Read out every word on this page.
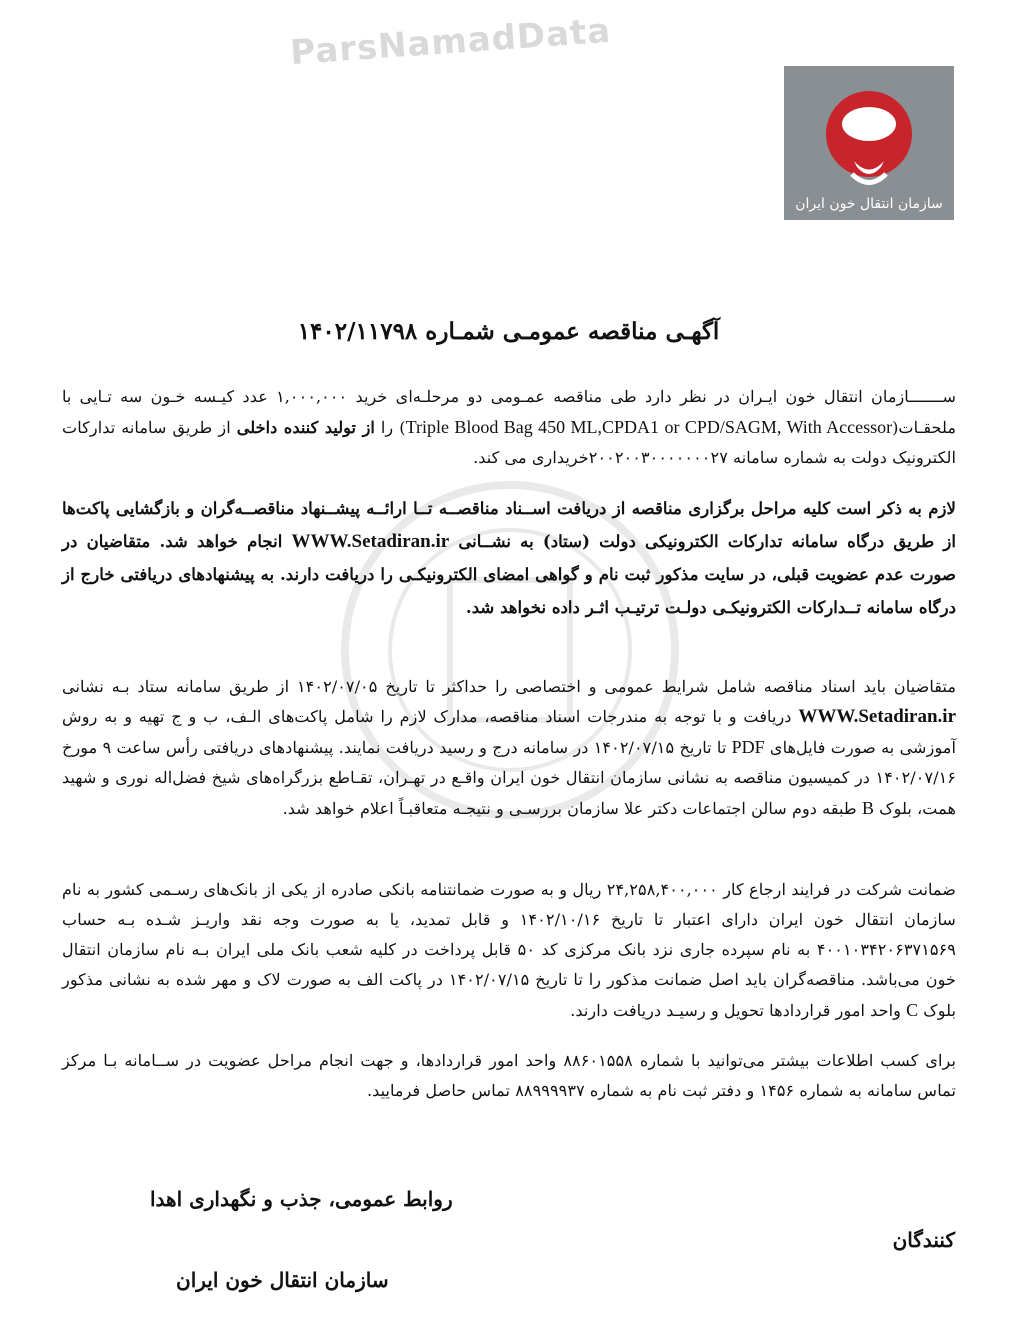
سازمان انتقال خون ایران
ParsNamadData
آگهـی مناقصه عمومـی شمـاره ۱۴۰۲/۱۱۷۹۸
ســـــــازمان انتقال خون ایـران در نظر دارد طی مناقصه عمـومی دو مرحلـه‌ای خرید ۱,۰۰۰,۰۰۰ عدد کیـسه خـون سه تـایی با ملحقـات(Triple Blood Bag 450 ML,CPDA1 or CPD/SAGM, With Accessor) را از تولید کننده داخلی از طریق سامانه تدارکات الکترونیک دولت به شماره سامانه ۲۰۰۲۰۰۳۰۰۰۰۰۰۰۲۷خریداری می کند.
لازم به ذکر است کلیه مراحل برگزاری مناقصه از دریافت اســناد مناقصــه تــا ارائــه پیشــنهاد مناقصــه‌گران و بازگشایی پاکت‌ها از طریق درگاه سامانه تدارکات الکترونیکی دولت (ستاد) به نشــانی WWW.Setadiran.ir انجام خواهد شد. متقاضیان در صورت عدم عضویت قبلی، در سایت مذکور ثبت نام و گواهی امضای الکترونیکـی را دریافت دارند. به پیشنهادهای دریافتی خارج از درگاه سامانه تــدارکات الکترونیکـی دولـت ترتیـب اثـر داده نخواهد شد.
متقاضیان باید اسناد مناقصه شامل شرایط عمومی و اختصاصی را حداکثر تا تاریخ ۱۴۰۲/۰۷/۰۵ از طریق سامانه ستاد بـه نشانی WWW.Setadiran.ir دریافت و با توجه به مندرجات اسناد مناقصه، مدارک لازم را شامل پاکت‌های الـف، ب و ج تهیه و به روش آموزشی به صورت فایل‌های PDF تا تاریخ ۱۴۰۲/۰۷/۱۵ در سامانه درج و رسید دریافت نمایند. پیشنهادهای دریافتی رأس ساعت ۹ مورخ ۱۴۰۲/۰۷/۱۶ در کمیسیون مناقصه به نشانی سازمان انتقال خون ایران واقـع در تهـران، تقـاطع بزرگراه‌های شیخ فضل‌اله نوری و شهید همت، بلوک B طبقه دوم سالن اجتماعات دکتر علا سازمان بررسـی و نتیجـه متعاقبـاً اعلام خواهد شد.
ضمانت شرکت در فرایند ارجاع کار ۲۴,۲۵۸,۴۰۰,۰۰۰ ریال و به صورت ضمانتنامه بانکی صادره از یکی از بانک‌های رسـمی کشور به نام سازمان انتقال خون ایران دارای اعتبار تا تاریخ ۱۴۰۲/۱۰/۱۶ و قابل تمدید، یا به صورت وجه نقد واریـز شـده بـه حساب ۴۰۰۱۰۳۴۲۰۶۳۷۱۵۶۹ به نام سپرده جاری نزد بانک مرکزی کد ۵۰ قابل پرداخت در کلیه شعب بانک ملی ایران بـه نام سازمان انتقال خون می‌باشد. مناقصه‌گران باید اصل ضمانت مذکور را تا تاریخ ۱۴۰۲/۰۷/۱۵ در پاکت الف به صورت لاک و مهر شده به نشانی مذکور بلوک C واحد امور قراردادها تحویل و رسیـد دریافت دارند.
برای کسب اطلاعات بیشتر می‌توانید با شماره ۸۸۶۰۱۵۵۸ واحد امور قراردادها، و جهت انجام مراحل عضویت در ســامانه بـا مرکز تماس سامانه به شماره ۱۴۵۶ و دفتر ثبت نام به شماره ۸۸۹۹۹۹۳۷ تماس حاصل فرمایید.
روابط عمومی، جذب و نگهداری اهدا
کنندگان
سازمان انتقال خون ایران
